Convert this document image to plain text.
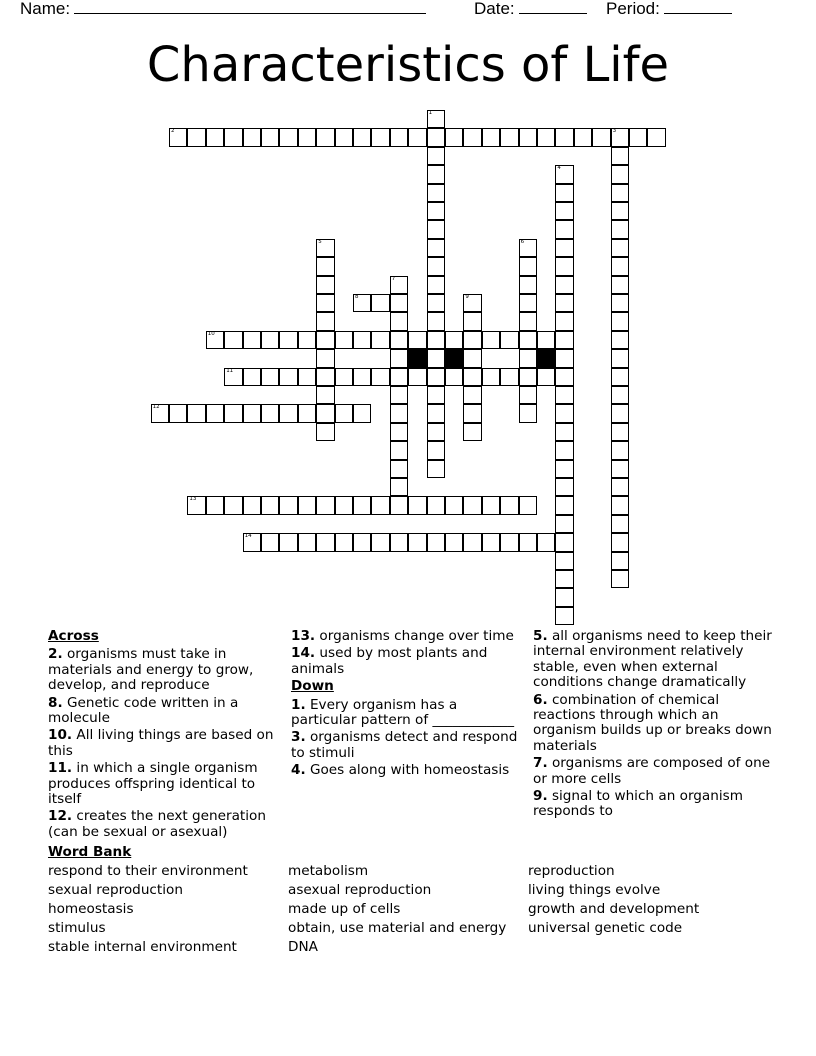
Name:	Date:	Period:
Characteristics of Life
1
2	3
4
5	6
7
8	9
10
11
12
13
14
Across
2. organisms must take in materials and energy to grow, develop, and reproduce
8. Genetic code written in a molecule
10. All living things are based on this
11. in which a single organism produces offspring identical to itself
12. creates the next generation (can be sexual or asexual)
13. organisms change over time
14. used by most plants and animals
Down
1. Every organism has a particular pattern of ____________
3. organisms detect and respond to stimuli
4. Goes along with homeostasis
5. all organisms need to keep their internal environment relatively stable, even when external conditions change dramatically
6. combination of chemical reactions through which an organism builds up or breaks down materials
7. organisms are composed of one or more cells
9. signal to which an organism responds to
Word Bank
respond to their environment
sexual reproduction
homeostasis
stimulus
stable internal environment
metabolism
asexual reproduction
made up of cells
obtain, use material and energy
DNA
reproduction
living things evolve
growth and development
universal genetic code
